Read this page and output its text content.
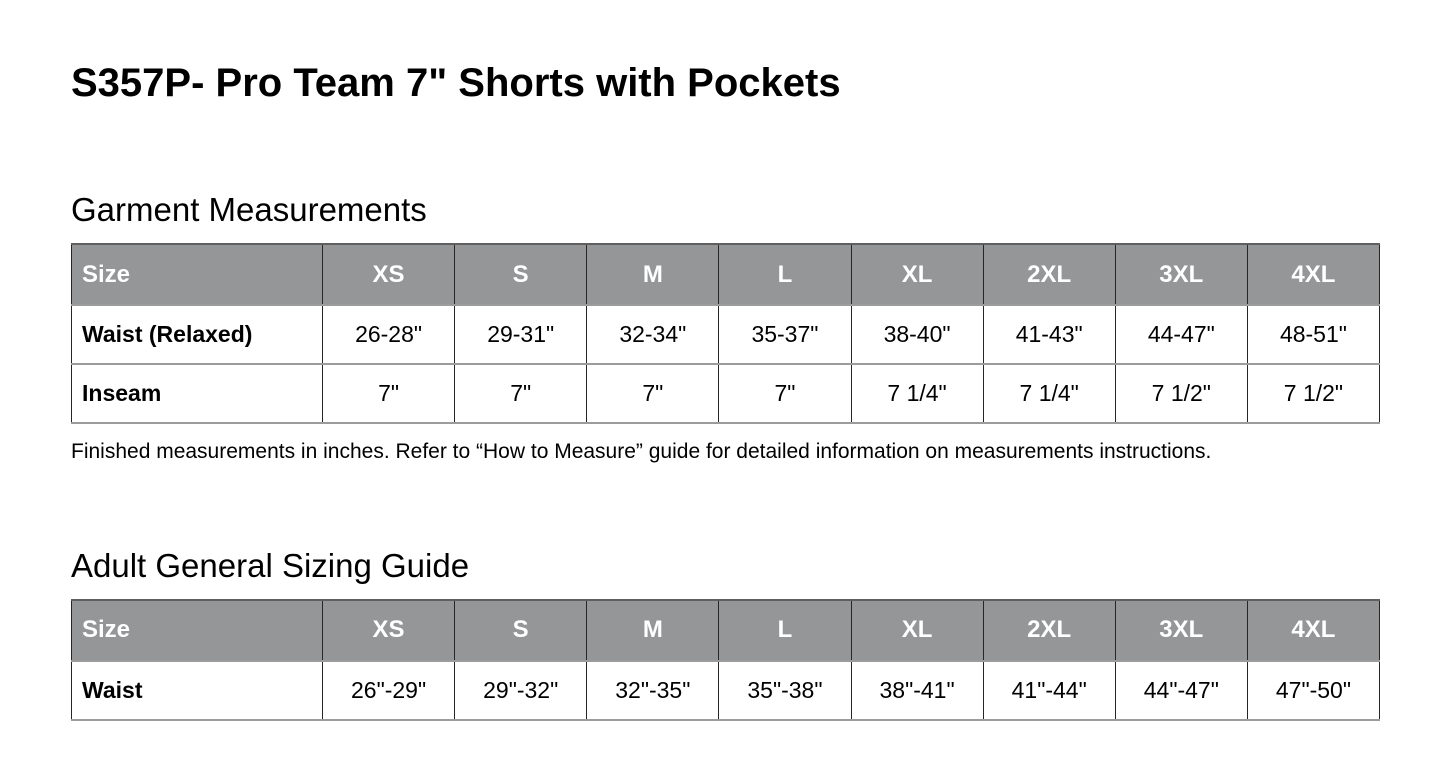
S357P- Pro Team 7" Shorts with Pockets
Garment Measurements
Size	XS	S	M	L	XL	2XL	3XL	4XL
Waist (Relaxed)	26-28"	29-31"	32-34"	35-37"	38-40"	41-43"	44-47"	48-51"
Inseam	7"	7"	7"	7"	7 1/4"	7 1/4"	7 1/2"	7 1/2"

Finished measurements in inches. Refer to “How to Measure” guide for detailed information on measurements instructions.

Adult General Sizing Guide
Size	XS	S	M	L	XL	2XL	3XL	4XL
Waist	26"-29"	29"-32"	32"-35"	35"-38"	38"-41"	41"-44"	44"-47"	47"-50"
